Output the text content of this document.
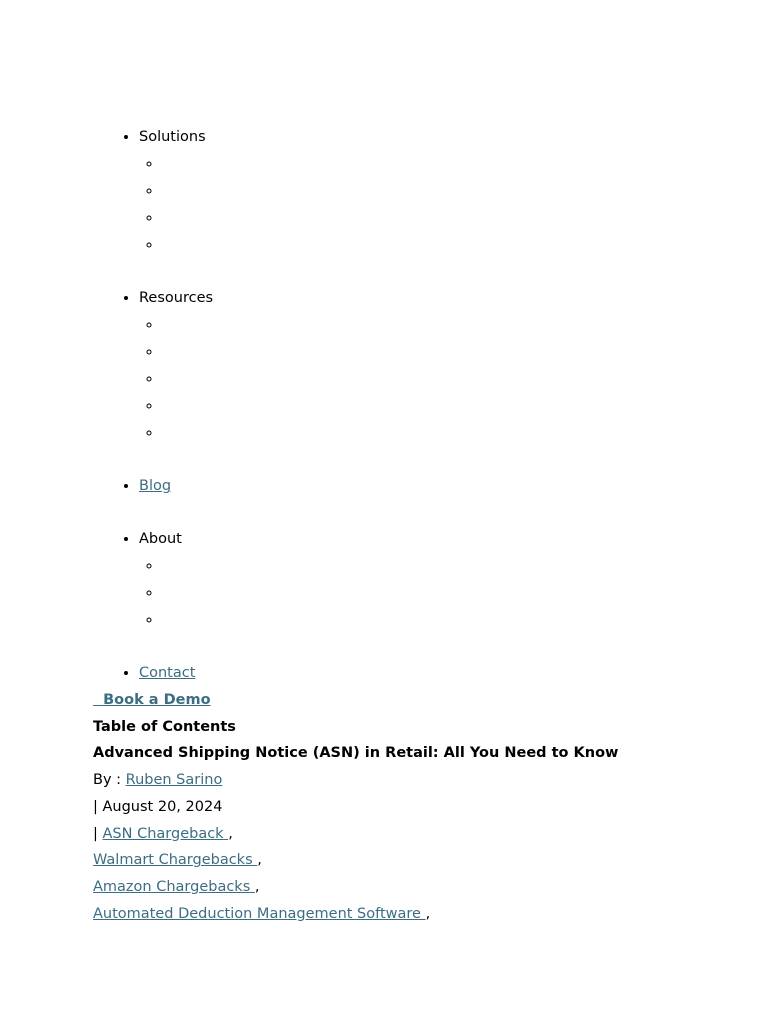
• Solutions
◦
◦
◦
◦
• Resources
◦
◦
◦
◦
◦
• Blog
• About
◦
◦
◦
• Contact
Book a Demo
Table of Contents
Advanced Shipping Notice (ASN) in Retail: All You Need to Know
By : Ruben Sarino
| August 20, 2024
| ASN Chargeback ,
Walmart Chargebacks ,
Amazon Chargebacks ,
Automated Deduction Management Software ,
